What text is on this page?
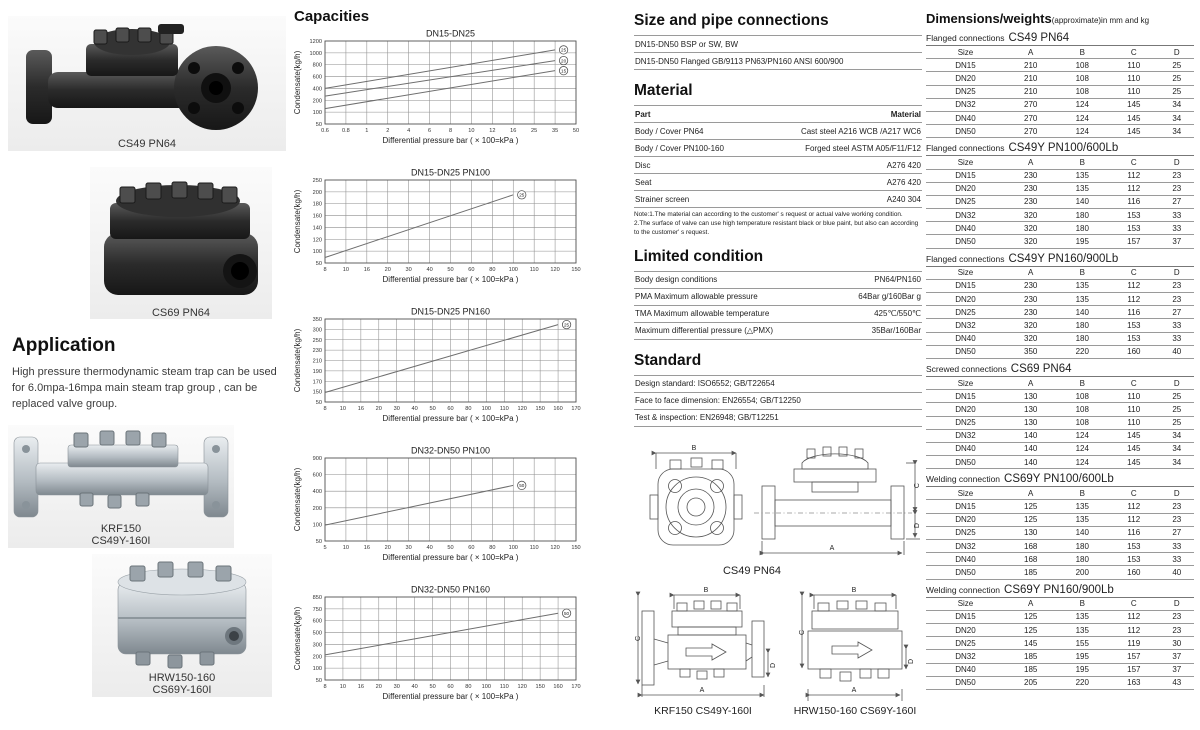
CS49 PN64
CS69 PN64
Application

High pressure thermodynamic steam trap can be used for 6.0mpa-16mpa main steam trap group , can be replaced valve group.

KRF150
CS49Y-160I
HRW150-160
CS69Y-160I
Capacities
0.6 0.8	1	2	4	6	8	10	12	16	25	35	50
50
100
200
400
600
800
1000
1200
25
20
15
DN15-DN25
Differential pressure bar ( × 100=kPa )
Condensate(kg/h)
8	10	16	20	30	40	50	60	80 100 110 120 150
50
100
120
140
160
180
200
250
25
DN15-DN25 PN100
Differential pressure bar ( × 100=kPa )
Condensate(kg/h)
8 10 16 20 30 40 50 60 80 100 110 120 150 160 170
50
150
170
190
210
230
250
300
350
25
DN15-DN25 PN160
Differential pressure bar ( × 100=kPa )
Condensate(kg/h)
5	10	16	20	30	40	50	60	80 100 110 120 150
50
100
200
400
600
900
50
DN32-DN50 PN100
Differential pressure bar ( × 100=kPa )
Condensate(kg/h)
8 10 16 20 30 40 50 60 80 100 110 120 150 160 170
50
100
200
300
500
600
750
850
50
DN32-DN50 PN160
Differential pressure bar ( × 100=kPa )
Condensate(kg/h)
Size and pipe connections
DN15-DN50 BSP or SW, BW
DN15-DN50 Flanged GB/9113 PN63/PN160 ANSI 600/900
Material
Part	Material
Body / Cover PN64	Cast steel A216 WCB /A217 WC6
Body / Cover PN100-160	Forged steel ASTM A05/F11/F12
Disc	A276 420
Seat	A276 420
Strainer screen	A240 304
Note:1.The material can according to the customer' s request or actual valve working condition.
2.The surface of valve can use high temperature resistant black or blue paint, but also can according to the customer' s request.
Limited condition
Body design conditions	PN64/PN160
PMA Maximum allowable pressure	64Bar g/160Bar g
TMA Maximum allowable temperature	425℃/550℃
Maximum differential pressure (△PMX)	35Bar/160Bar
Standard
Design standard: ISO6552; GB/T22654
Face to face dimension: EN26554; GB/T12250
Test & inspection: EN26948; GB/T12251
B
A
C
D
B
C
A
D
B
C
D
A
CS49 PN64
KRF150 CS49Y-160I	HRW150-160 CS69Y-160I
Dimensions/weights(approximate)in mm and kg
Flanged connections CS49 PN64
Size	A	B	C	D
DN15	210	108	110	25
DN20	210	108	110	25
DN25	210	108	110	25
DN32	270	124	145	34
DN40	270	124	145	34
DN50	270	124	145	34
Flanged connections CS49Y PN100/600Lb
Size	A	B	C	D
DN15	230	135	112	23
DN20	230	135	112	23
DN25	230	140	116	27
DN32	320	180	153	33
DN40	320	180	153	33
DN50	320	195	157	37
Flanged connections CS49Y PN160/900Lb
Size	A	B	C	D
DN15	230	135	112	23
DN20	230	135	112	23
DN25	230	140	116	27
DN32	320	180	153	33
DN40	320	180	153	33
DN50	350	220	160	40
Screwed connections CS69 PN64
Size	A	B	C	D
DN15	130	108	110	25
DN20	130	108	110	25
DN25	130	108	110	25
DN32	140	124	145	34
DN40	140	124	145	34
DN50	140	124	145	34
Welding connection CS69Y PN100/600Lb
Size	A	B	C	D
DN15	125	135	112	23
DN20	125	135	112	23
DN25	130	140	116	27
DN32	168	180	153	33
DN40	168	180	153	33
DN50	185	200	160	40
Welding connection CS69Y PN160/900Lb
Size	A	B	C	D
DN15	125	135	112	23
DN20	125	135	112	23
DN25	145	155	119	30
DN32	185	195	157	37
DN40	185	195	157	37
DN50	205	220	163	43
